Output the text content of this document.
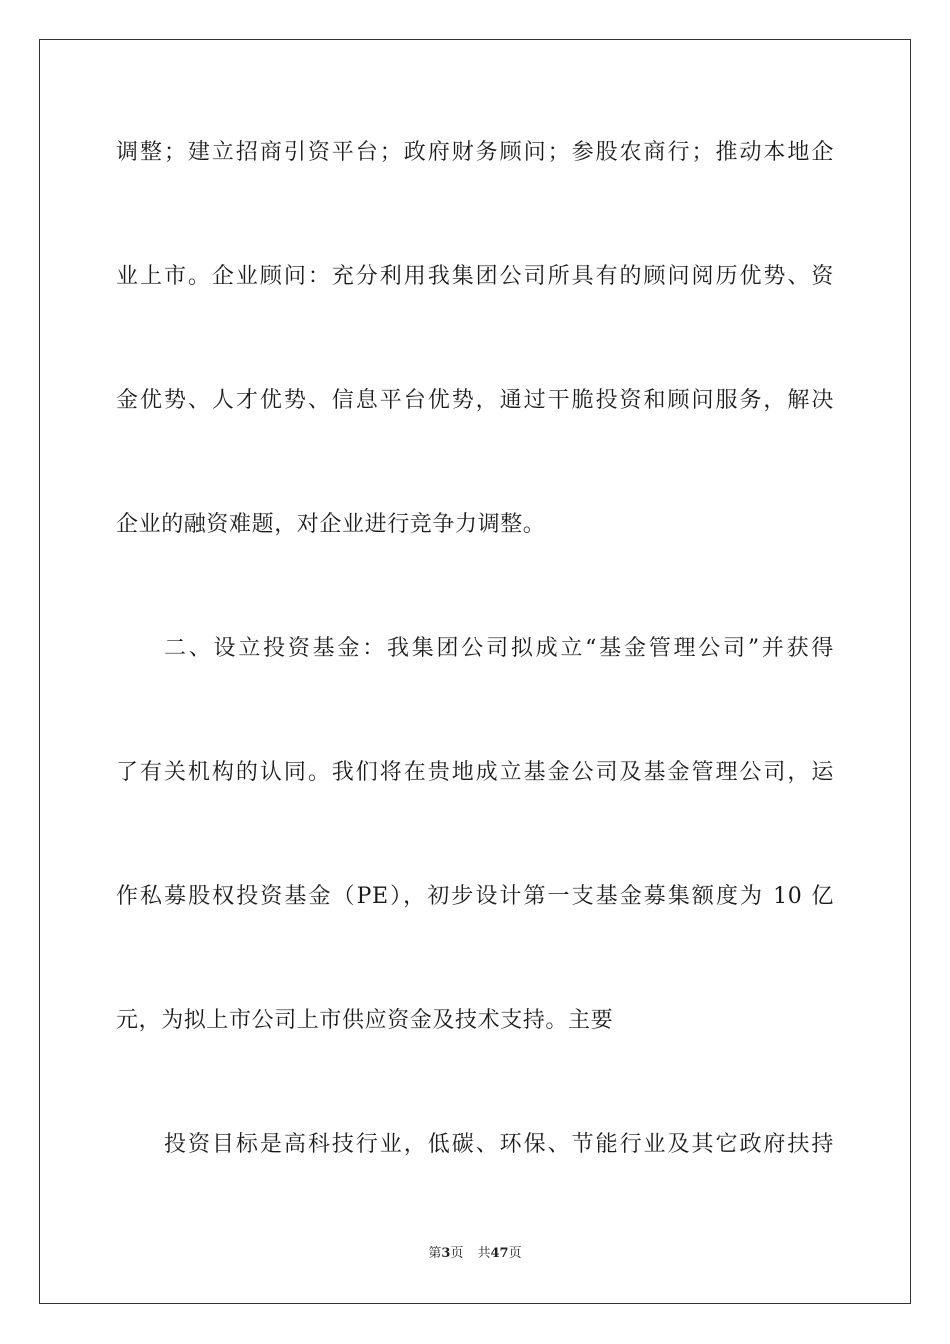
调整；建立招商引资平台；政府财务顾问；参股农商行；推动本地企
业上市。企业顾问：充分利用我集团公司所具有的顾问阅历优势、资
金优势、人才优势、信息平台优势，通过干脆投资和顾问服务，解决
企业的融资难题，对企业进行竞争力调整。
二、设立投资基金：我集团公司拟成立“基金管理公司”并获得
了有关机构的认同。我们将在贵地成立基金公司及基金管理公司，运
作私募股权投资基金（PE），初步设计第一支基金募集额度为 10 亿
元，为拟上市公司上市供应资金及技术支持。主要
投资目标是高科技行业，低碳、环保、节能行业及其它政府扶持
第3页 共47页
